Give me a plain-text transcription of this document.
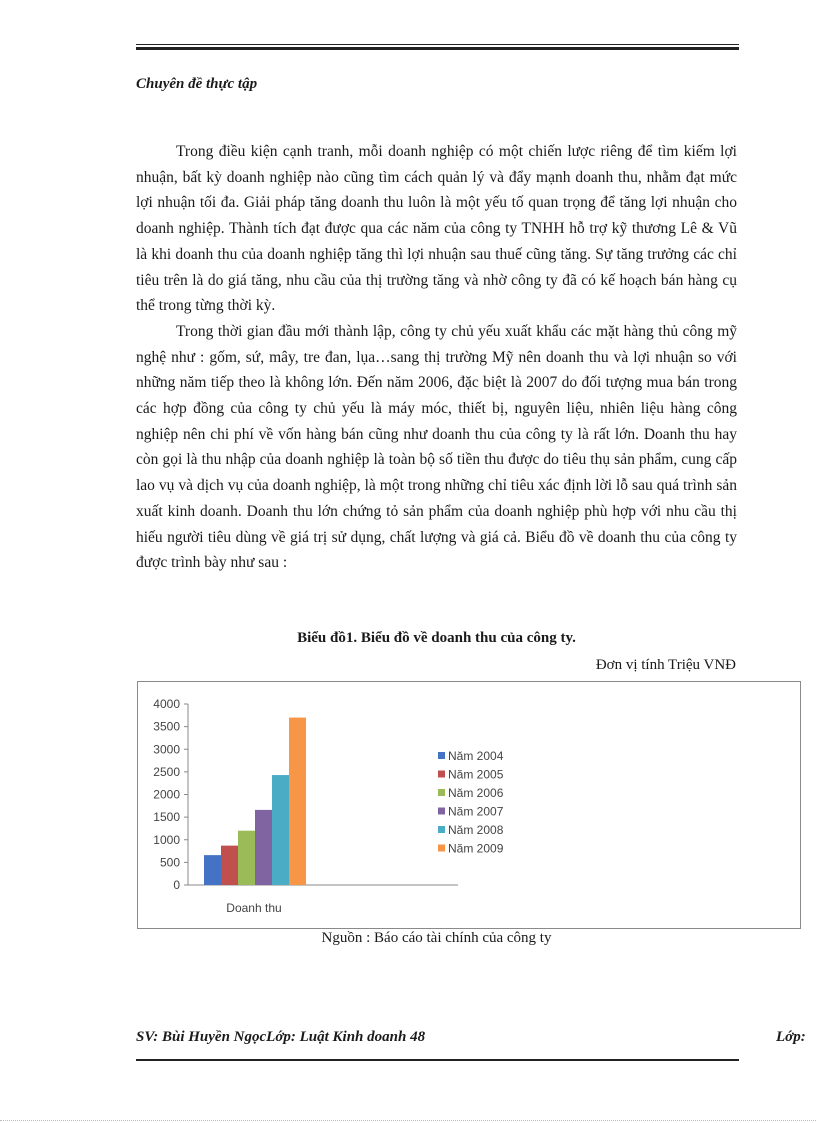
Chuyên đề thực tập

Trong điều kiện cạnh tranh, mỗi doanh nghiệp có một chiến lược riêng để tìm kiếm lợi nhuận, bất kỳ doanh nghiệp nào cũng tìm cách quản lý và đẩy mạnh doanh thu, nhằm đạt mức lợi nhuận tối đa. Giải pháp tăng doanh thu luôn là một yếu tố quan trọng để tăng lợi nhuận cho doanh nghiệp. Thành tích đạt được qua các năm của công ty TNHH hỗ trợ kỹ thương Lê & Vũ là khi doanh thu của doanh nghiệp tăng thì lợi nhuận sau thuế cũng tăng. Sự tăng trưởng các chỉ tiêu trên là do giá tăng, nhu cầu của thị trường tăng và nhờ công ty đã có kế hoạch bán hàng cụ thể trong từng thời kỳ.

Trong thời gian đầu mới thành lập, công ty chủ yếu xuất khẩu các mặt hàng thủ công mỹ nghệ như : gốm, sứ, mây, tre đan, lụa…sang thị trường Mỹ nên doanh thu và lợi nhuận so với những năm tiếp theo là không lớn. Đến năm 2006, đặc biệt là 2007 do đối tượng mua bán trong các hợp đồng của công ty chủ yếu là máy móc, thiết bị, nguyên liệu, nhiên liệu hàng công nghiệp nên chi phí về vốn hàng bán cũng như doanh thu của công ty là rất lớn. Doanh thu hay còn gọi là thu nhập của doanh nghiệp là toàn bộ số tiền thu được do tiêu thụ sản phẩm, cung cấp lao vụ và dịch vụ của doanh nghiệp, là một trong những chỉ tiêu xác định lời lỗ sau quá trình sản xuất kinh doanh. Doanh thu lớn chứng tỏ sản phẩm của doanh nghiệp phù hợp với nhu cầu thị hiếu người tiêu dùng về giá trị sử dụng, chất lượng và giá cả. Biểu đồ về doanh thu của công ty được trình bày như sau :

Biểu đồ1. Biểu đồ về doanh thu của công ty.
Đơn vị tính Triệu VNĐ
0
500
1000
1500
2000
2500
3000
3500
4000
Doanh thu
Năm 2004
Năm 2005
Năm 2006
Năm 2007
Năm 2008
Năm 2009
Nguồn : Báo cáo tài chính của công ty
SV: Bùi Huyền NgọcLớp: Luật Kinh doanh 48	Lớp:
